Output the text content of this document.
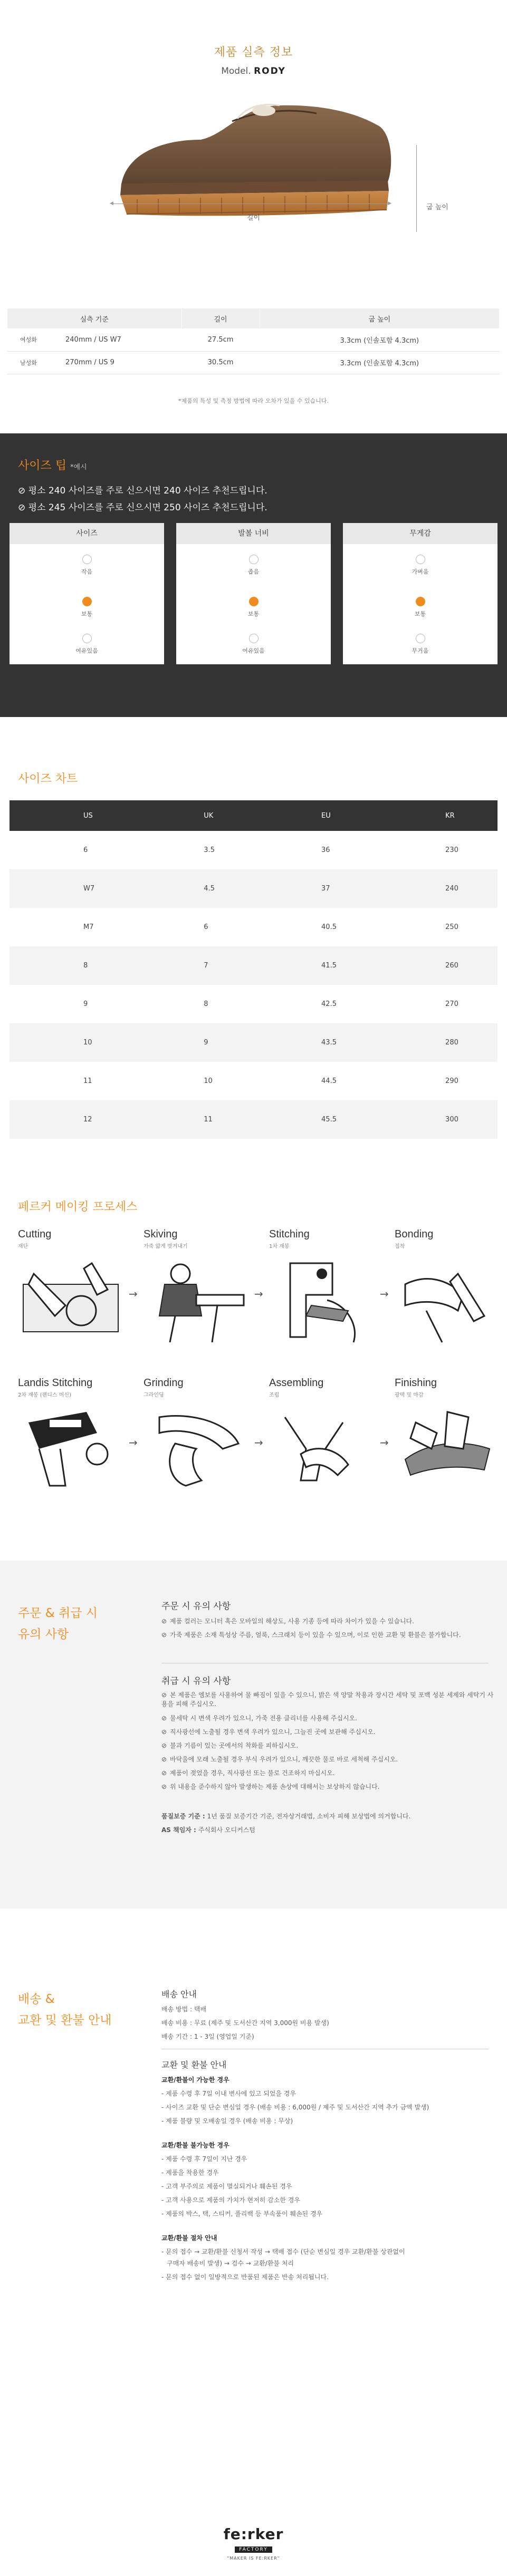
제품 실측 정보
Model. RODY
◀	▶
길이
굽 높이
실측 기준		길이	굽 높이
여성화	240mm / US W7	27.5cm	3.3cm (인솔포함 4.3cm)
남성화	270mm / US 9	30.5cm	3.3cm (인솔포함 4.3cm)
*제품의 특성 및 측정 방법에 따라 오차가 있을 수 있습니다.
사이즈 팁 *예시
⊘ 평소 240 사이즈를 주로 신으시면 240 사이즈 추천드립니다.
⊘ 평소 245 사이즈를 주로 신으시면 250 사이즈 추천드립니다.
사이즈
작음
보통
여유있음
발볼 너비
좁음
보통
여유있음
무게감
가벼움
보통
무거움
사이즈 차트
US	UK	EU	KR
6	3.5	36	230
W7	4.5	37	240
M7	6	40.5	250
8	7	41.5	260
9	8	42.5	270
10	9	43.5	280
11	10	44.5	290
12	11	45.5	300
페르커 메이킹 프로세스
Cutting
재단
→
Skiving
가죽 얇게 벗겨내기
→
Stitching
1차 재봉
→
Bonding
접착
Landis Stitching
2차 재봉 (랜디스 머신)
→
Grinding
그라인딩
→
Assembling
조립
→
Finishing
광택 및 마감
주문 & 취급 시
유의 사항
주문 시 유의 사항
⊘ 제품 컬러는 모니터 혹은 모바일의 해상도, 사용 기종 등에 따라 차이가 있을 수 있습니다.
⊘ 가죽 제품은 소재 특성상 주름, 얼룩, 스크래치 등이 있을 수 있으며, 이로 인한 교환 및 환불은 불가합니다.
취급 시 유의 사항
⊘ 본 제품은 엠보를 사용하여 물 빠짐이 있을 수 있으니, 밝은 색 양말 착용과 장시간 세탁 및 포백 성분 세제와 세탁기 사용을 피해 주십시오.
⊘ 물세탁 시 변색 우려가 있으니, 가죽 전용 클리너를 사용해 주십시오.
⊘ 직사광선에 노출될 경우 변색 우려가 있으니, 그늘진 곳에 보관해 주십시오.
⊘ 불과 기름이 있는 곳에서의 착화를 피하십시오.
⊘ 바닥울에 모래 노출될 경우 부식 우려가 있으니, 깨끗한 물로 바로 세척해 주십시오.
⊘ 제품이 젖었을 경우, 직사광선 또는 불로 건조하지 마십시오.
⊘ 위 내용을 준수하지 않아 발생하는 제품 손상에 대해서는 보상하지 않습니다.
품질보증 기준 : 1년 품질 보증기간 기준, 전자상거래법, 소비자 피해 보상법에 의거합니다.
AS 책임자 : 주식회사 오디커스텀
배송 &
교환 및 환불 안내
배송 안내
배송 방법 : 택배
배송 비용 : 무료 (제주 및 도서산간 지역 3,000원 비용 발생)
배송 기간 : 1 - 3일 (영업일 기준)
교환 및 환불 안내
교환/환불이 가능한 경우
- 제품 수령 후 7일 이내 변사에 있고 되었을 경우
- 사이즈 교환 및 단순 변심일 경우 (배송 비용 : 6,000원 / 제주 및 도서산간 지역 추가 금액 발생)
- 제품 불량 및 오배송일 경우 (배송 비용 : 무상)
교환/환불 불가능한 경우
- 제품 수령 후 7일이 지난 경우
- 제품을 착용한 경우
- 고객 부주의로 제품이 멸실되거나 훼손된 경우
- 고객 사용으로 제품의 가치가 현저히 감소한 경우
- 제품의 박스, 택, 스티커, 풀리백 등 부속품이 훼손된 경우
교환/환불 절차 안내
- 문의 접수 → 교환/환불 신청서 작성 → 택배 접수 (단순 변심일 경우 교환/환불 상관없이
구매자 배송비 발생) → 검수 → 교환/환불 처리
- 문의 접수 없이 일방적으로 반품된 제품은 반송 처리됩니다.
fe:rker
FACTORY
"MAKER IS FE:RKER"
